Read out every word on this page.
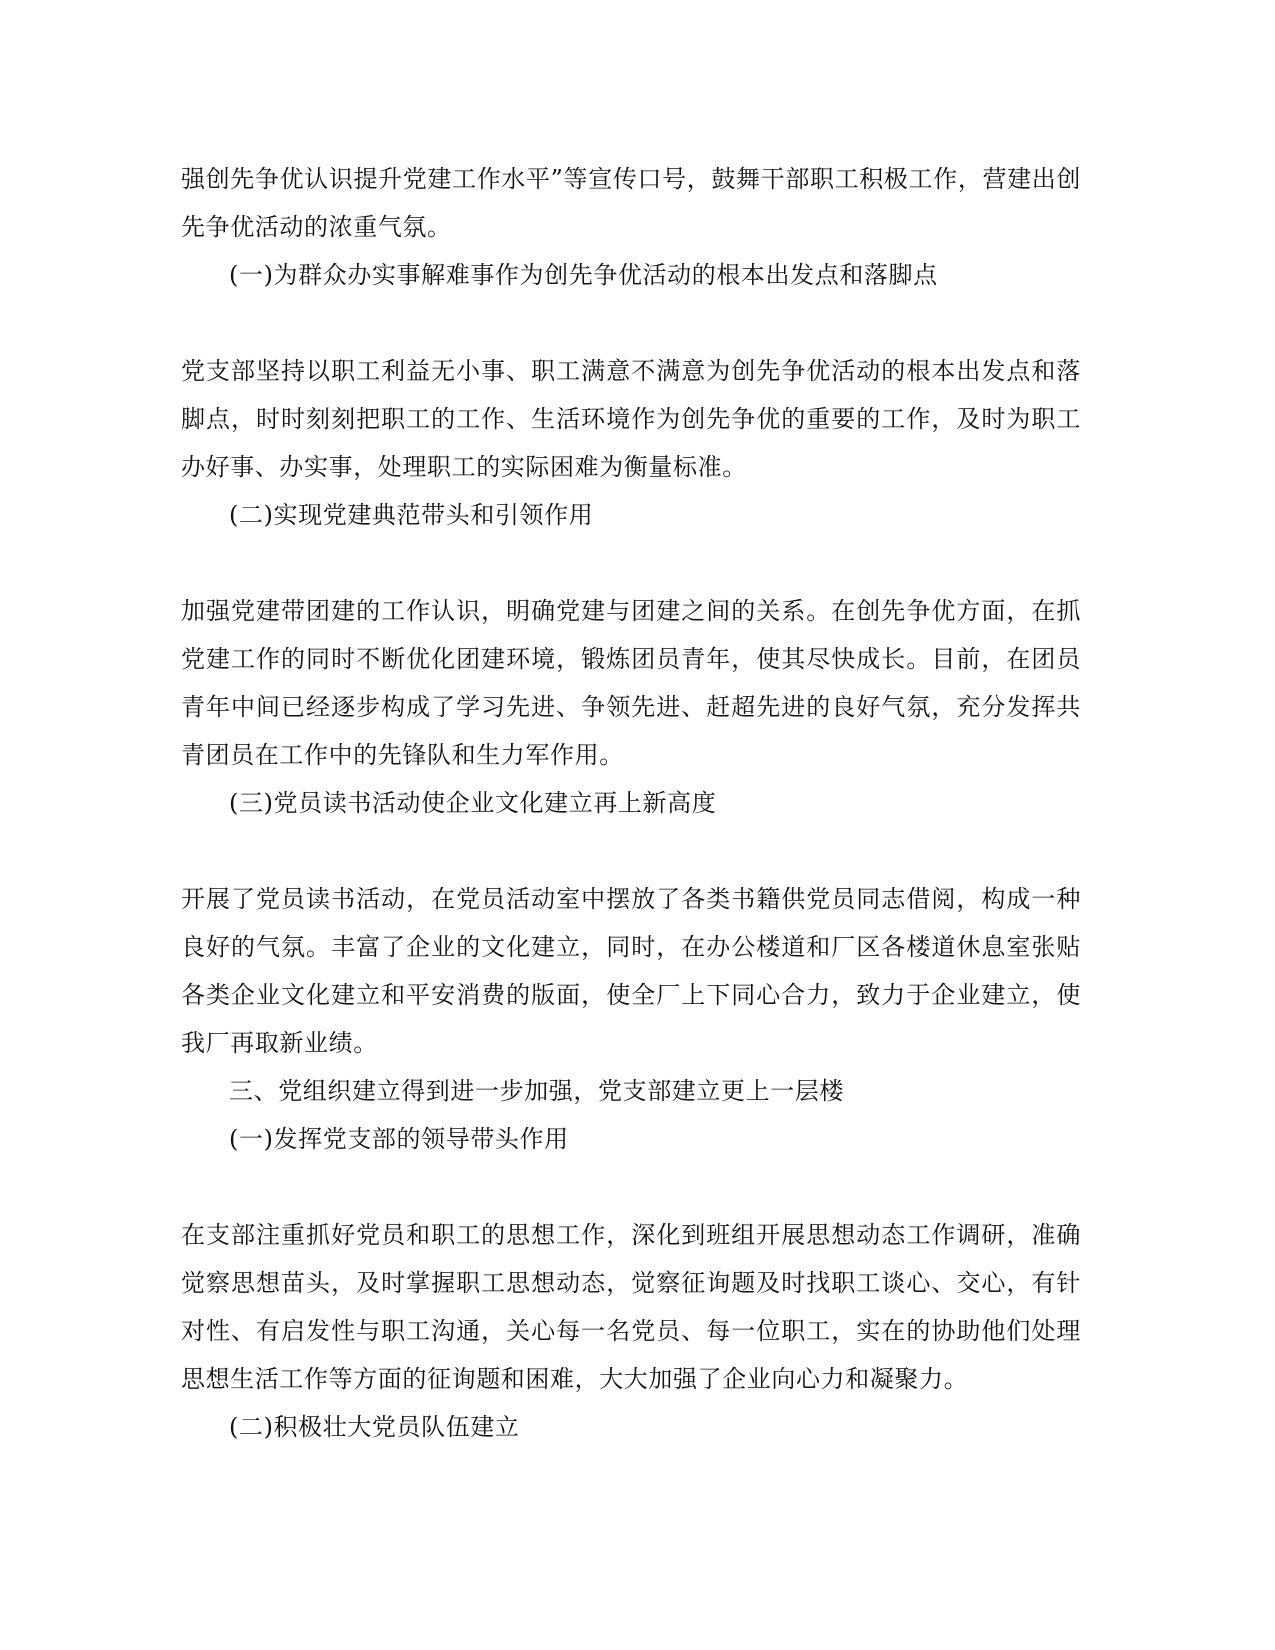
强创先争优认识提升党建工作水平”等宣传口号，鼓舞干部职工积极工作，营建出创先争优活动的浓重气氛。

(一)为群众办实事解难事作为创先争优活动的根本出发点和落脚点

党支部坚持以职工利益无小事、职工满意不满意为创先争优活动的根本出发点和落脚点，时时刻刻把职工的工作、生活环境作为创先争优的重要的工作，及时为职工办好事、办实事，处理职工的实际困难为衡量标准。

(二)实现党建典范带头和引领作用

加强党建带团建的工作认识，明确党建与团建之间的关系。在创先争优方面，在抓党建工作的同时不断优化团建环境，锻炼团员青年，使其尽快成长。目前，在团员青年中间已经逐步构成了学习先进、争领先进、赶超先进的良好气氛，充分发挥共青团员在工作中的先锋队和生力军作用。

(三)党员读书活动使企业文化建立再上新高度

开展了党员读书活动，在党员活动室中摆放了各类书籍供党员同志借阅，构成一种良好的气氛。丰富了企业的文化建立，同时，在办公楼道和厂区各楼道休息室张贴各类企业文化建立和平安消费的版面，使全厂上下同心合力，致力于企业建立，使我厂再取新业绩。

三、党组织建立得到进一步加强，党支部建立更上一层楼

(一)发挥党支部的领导带头作用

在支部注重抓好党员和职工的思想工作，深化到班组开展思想动态工作调研，准确觉察思想苗头，及时掌握职工思想动态，觉察征询题及时找职工谈心、交心，有针对性、有启发性与职工沟通，关心每一名党员、每一位职工，实在的协助他们处理思想生活工作等方面的征询题和困难，大大加强了企业向心力和凝聚力。

(二)积极壮大党员队伍建立
